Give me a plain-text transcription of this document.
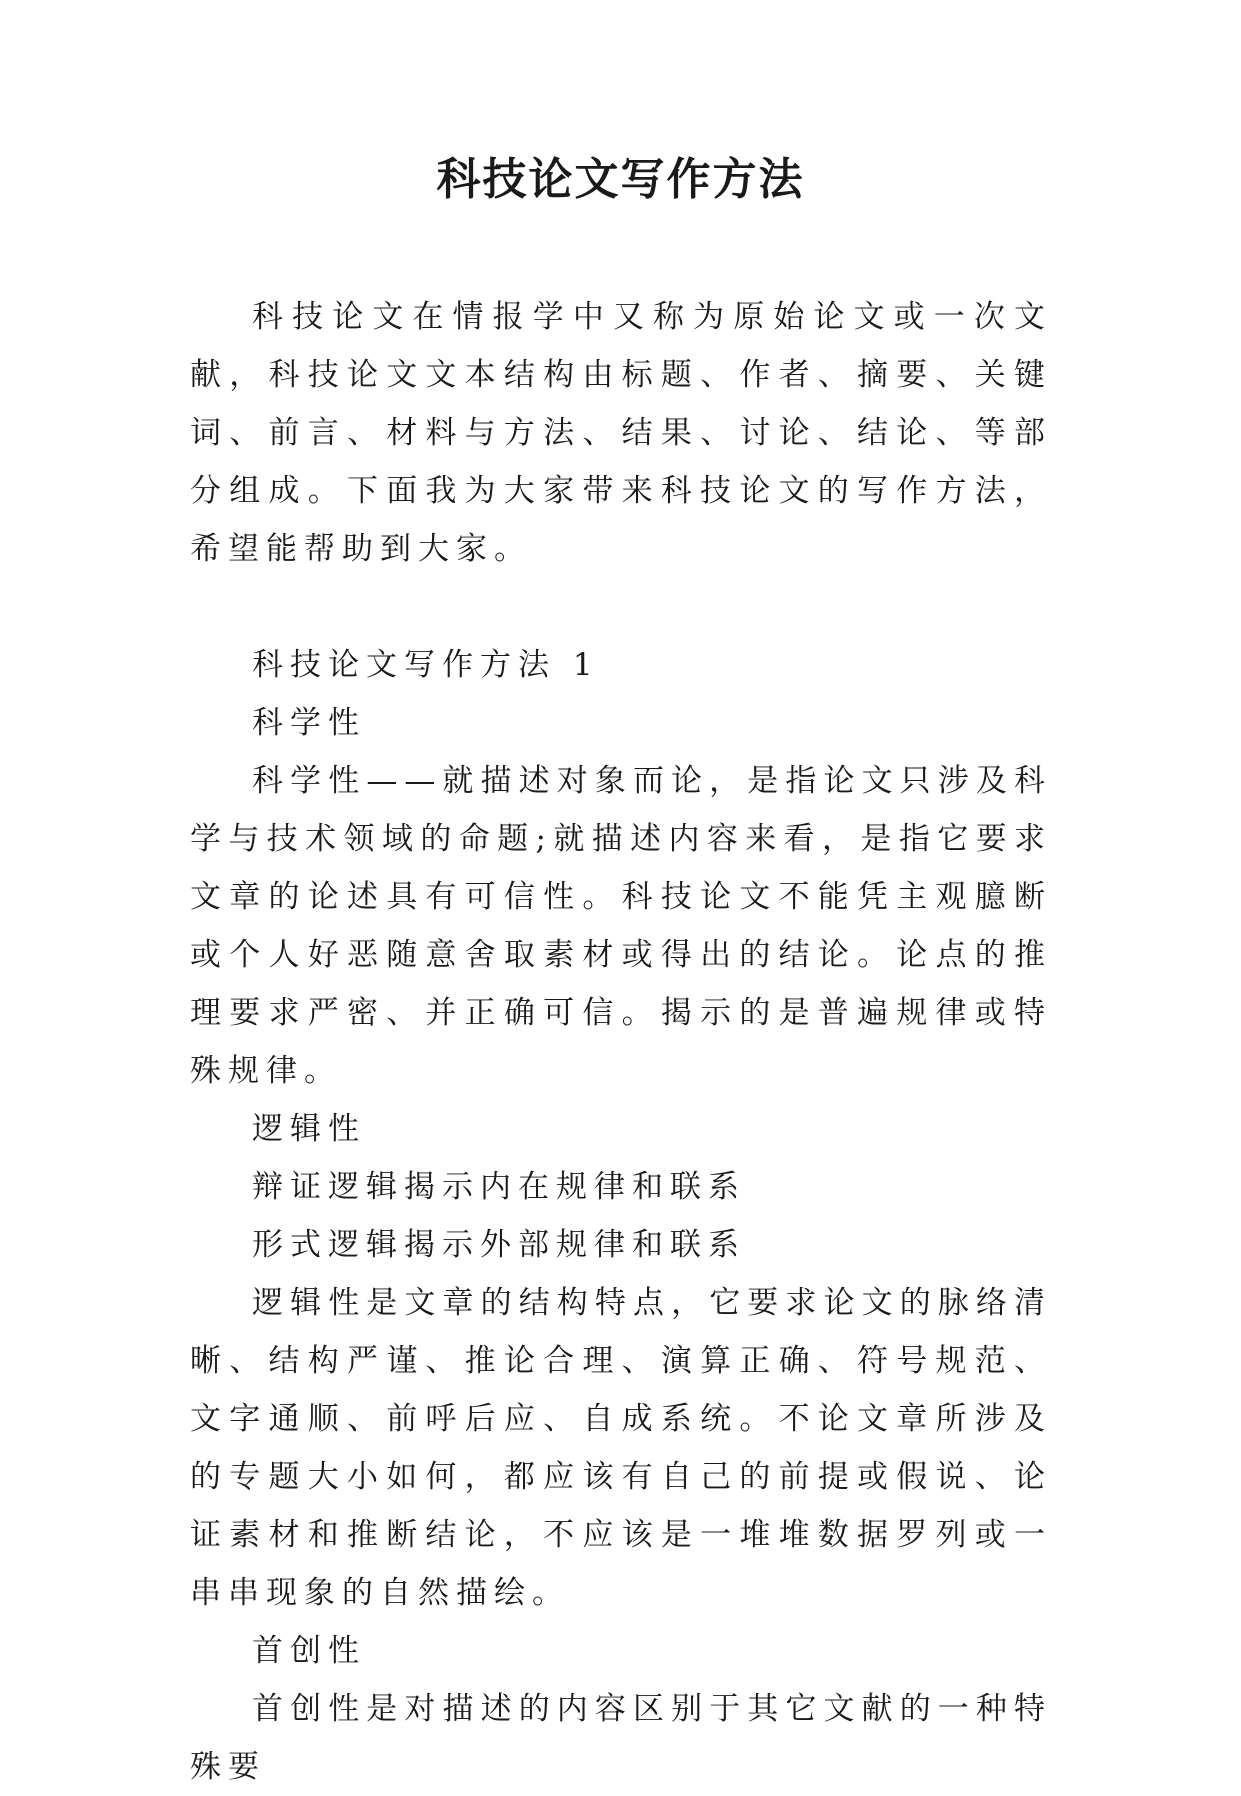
科技论文写作方法

科技论文在情报学中又称为原始论文或一次文献，科技论文文本结构由标题、作者、摘要、关键词、前言、材料与方法、结果、讨论、结论、等部分组成。下面我为大家带来科技论文的写作方法，希望能帮助到大家。

科技论文写作方法 1

科学性

科学性——就描述对象而论，是指论文只涉及科学与技术领域的命题;就描述内容来看，是指它要求文章的论述具有可信性。科技论文不能凭主观臆断或个人好恶随意舍取素材或得出的结论。论点的推理要求严密、并正确可信。揭示的是普遍规律或特殊规律。

逻辑性

辩证逻辑揭示内在规律和联系

形式逻辑揭示外部规律和联系

逻辑性是文章的结构特点，它要求论文的脉络清晰、结构严谨、推论合理、演算正确、符号规范、文字通顺、前呼后应、自成系统。不论文章所涉及的专题大小如何，都应该有自己的前提或假说、论证素材和推断结论，不应该是一堆堆数据罗列或一串串现象的自然描绘。

首创性

首创性是对描述的内容区别于其它文献的一种特殊要
